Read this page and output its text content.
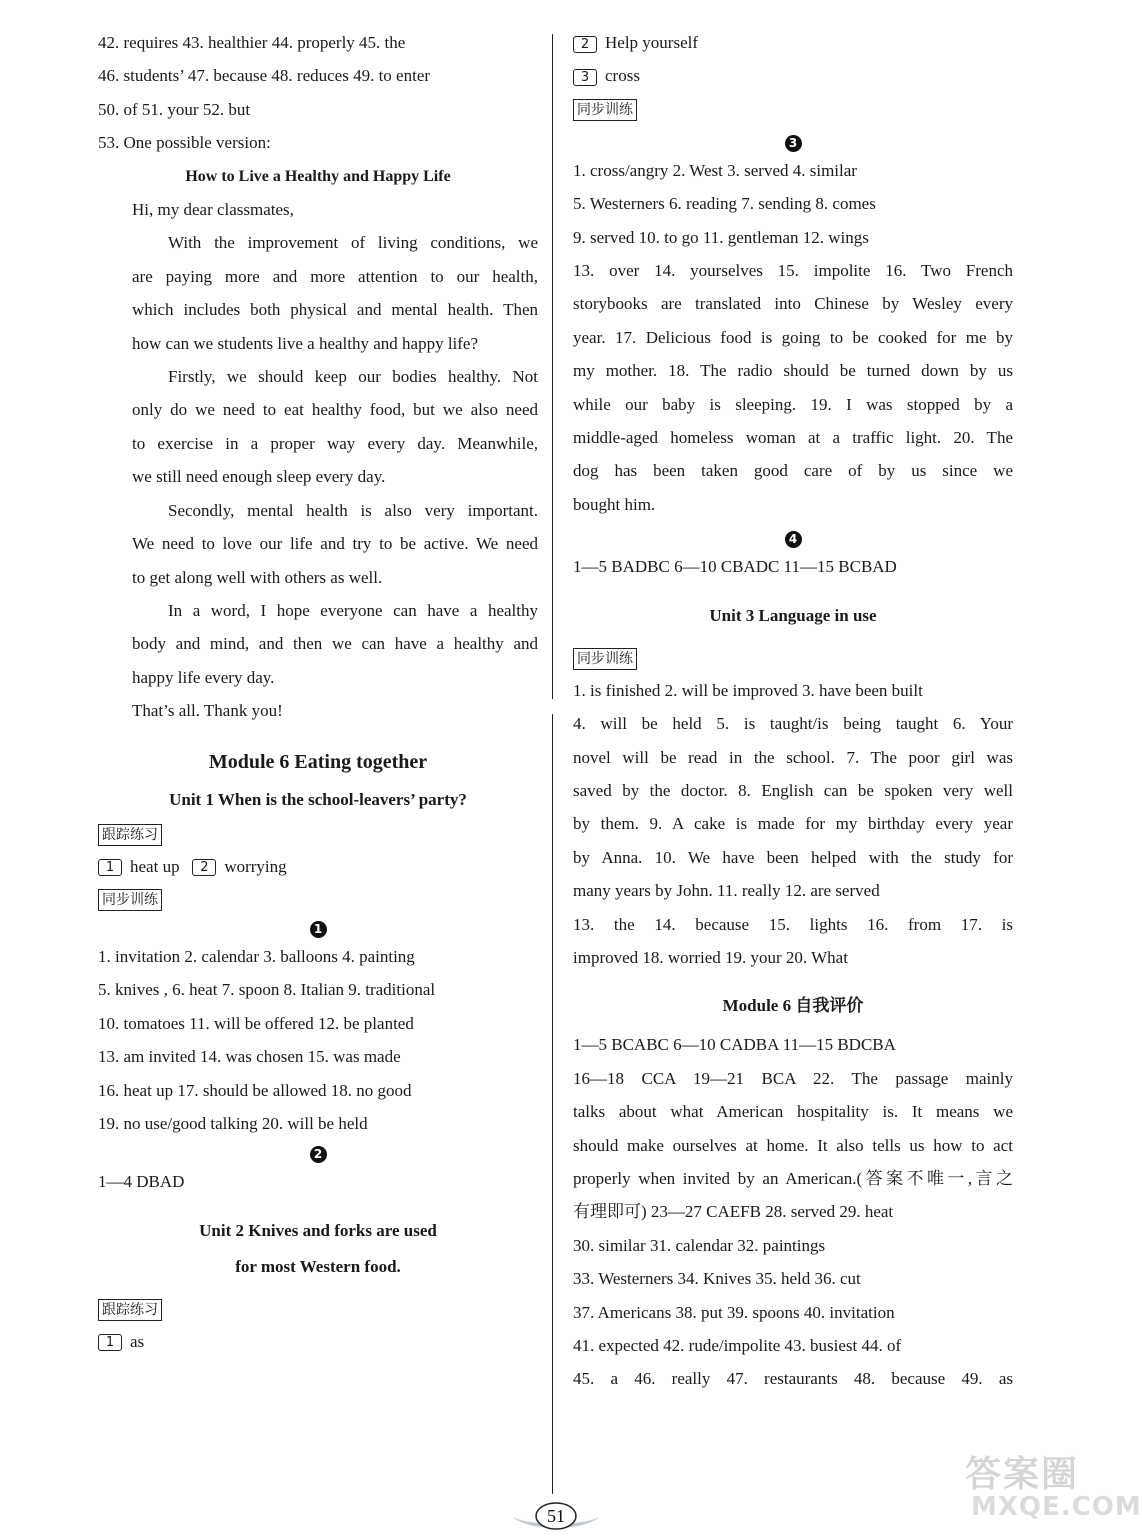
42. requires 43. healthier 44. properly 45. the
46. students’ 47. because 48. reduces 49. to enter
50. of 51. your 52. but
53. One possible version:
How to Live a Healthy and Happy Life
Hi, my dear classmates,
With the improvement of living conditions, we
are paying more and more attention to our health,
which includes both physical and mental health. Then
how can we students live a healthy and happy life?
Firstly, we should keep our bodies healthy. Not
only do we need to eat healthy food, but we also need
to exercise in a proper way every day. Meanwhile,
we still need enough sleep every day.
Secondly, mental health is also very important.
We need to love our life and try to be active. We need
to get along well with others as well.
In a word, I hope everyone can have a healthy
body and mind, and then we can have a healthy and
happy life every day.
That’s all. Thank you!
Module 6 Eating together
Unit 1 When is the school-leavers’ party?
跟踪练习
1 heat up 2 worrying
同步训练
1
1. invitation 2. calendar 3. balloons 4. painting
5. knives , 6. heat 7. spoon 8. Italian 9. traditional
10. tomatoes 11. will be offered 12. be planted
13. am invited 14. was chosen 15. was made
16. heat up 17. should be allowed 18. no good
19. no use/good talking 20. will be held
2
1—4 DBAD
Unit 2 Knives and forks are used
for most Western food.
跟踪练习
1 as
2 Help yourself
3 cross
同步训练
3
1. cross/angry 2. West 3. served 4. similar
5. Westerners 6. reading 7. sending 8. comes
9. served 10. to go 11. gentleman 12. wings
13. over 14. yourselves 15. impolite 16. Two French
storybooks are translated into Chinese by Wesley every
year. 17. Delicious food is going to be cooked for me by
my mother. 18. The radio should be turned down by us
while our baby is sleeping. 19. I was stopped by a
middle-aged homeless woman at a traffic light. 20. The
dog has been taken good care of by us since we
bought him.
4
1—5 BADBC 6—10 CBADC 11—15 BCBAD
Unit 3 Language in use
同步训练
1. is finished 2. will be improved 3. have been built
4. will be held 5. is taught/is being taught 6. Your
novel will be read in the school. 7. The poor girl was
saved by the doctor. 8. English can be spoken very well
by them. 9. A cake is made for my birthday every year
by Anna. 10. We have been helped with the study for
many years by John. 11. really 12. are served
13. the 14. because 15. lights 16. from 17. is
improved 18. worried 19. your 20. What
Module 6 自我评价
1—5 BCABC 6—10 CADBA 11—15 BDCBA
16—18 CCA 19—21 BCA 22. The passage mainly
talks about what American hospitality is. It means we
should make ourselves at home. It also tells us how to act
properly when invited by an American.(答案不唯一,言之
有理即可) 23—27 CAEFB 28. served 29. heat
30. similar 31. calendar 32. paintings
33. Westerners 34. Knives 35. held 36. cut
37. Americans 38. put 39. spoons 40. invitation
41. expected 42. rude/impolite 43. busiest 44. of
45. a 46. really 47. restaurants 48. because 49. as
51
答案圈
MXQE.COM
